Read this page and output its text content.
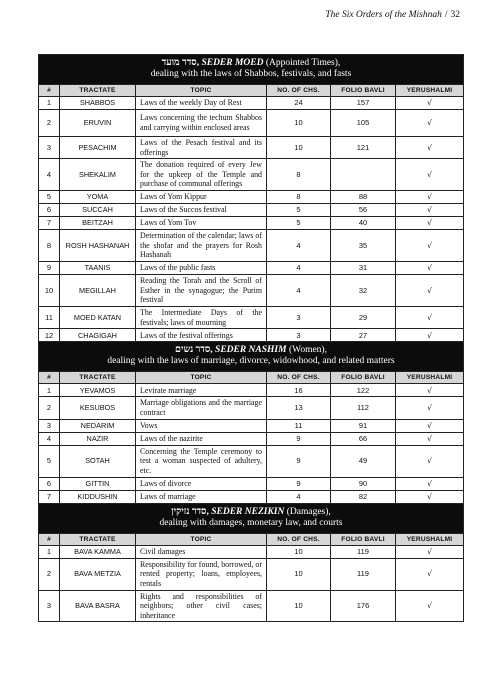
The Six Orders of the Mishnah / 32
סדר מועד, SEDER MOED (Appointed Times),
dealing with the laws of Shabbos, festivals, and fasts					

#	TRACTATE	TOPIC	NO. OF CHS.	FOLIO BAVLI	YERUSHALMI
1	SHABBOS	Laws of the weekly Day of Rest	24	157	√
2	ERUVIN	Laws concerning the techum Shabbos and carrying within enclosed areas	10	105	√
3	PESACHIM	Laws of the Pesach festival and its offerings	10	121	√
4	SHEKALIM	The donation required of every Jew for the upkeep of the Temple and purchase of communal offerings	8		√
5	YOMA	Laws of Yom Kippur	8	88	√
6	SUCCAH	Laws of the Succos festival	5	56	√
7	BEITZAH	Laws of Yom Tov	5	40	√
8	ROSH HASHANAH	Determination of the calendar; laws of the shofar and the prayers for Rosh Hashanah	4	35	√
9	TAANIS	Laws of the public fasts	4	31	√
10	MEGILLAH	Reading the Torah and the Scroll of Esther in the synagogue; the Purim festival	4	32	√
11	MOED KATAN	The Intermediate Days of the festivals; laws of mourning	3	29	√
12	CHAGIGAH	Laws of the festival offerings	3	27	√

סדר נשים, SEDER NASHIM (Women),
dealing with the laws of marriage, divorce, widowhood, and related matters					

#	TRACTATE	TOPIC	NO. OF CHS.	FOLIO BAVLI	YERUSHALMI
1	YEVAMOS	Levirate marriage	16	122	√
2	KESUBOS	Marriage obligations and the marriage contract	13	112	√
3	NEDARIM	Vows	11	91	√
4	NAZIR	Laws of the nazirite	9	66	√
5	SOTAH	Concerning the Temple ceremony to test a woman suspected of adultery, etc.	9	49	√
6	GITTIN	Laws of divorce	9	90	√
7	KIDDUSHIN	Laws of marriage	4	82	√

סדר נזיקין, SEDER NEZIKIN (Damages),
dealing with damages, monetary law, and courts					

#	TRACTATE	TOPIC	NO. OF CHS.	FOLIO BAVLI	YERUSHALMI
1	BAVA KAMMA	Civil damages	10	119	√
2	BAVA METZIA	Responsibility for found, borrowed, or rented property; loans, employees, rentals	10	119	√
3	BAVA BASRA	Rights and responsibilities of neighbors; other civil cases; inheritance	10	176	√
